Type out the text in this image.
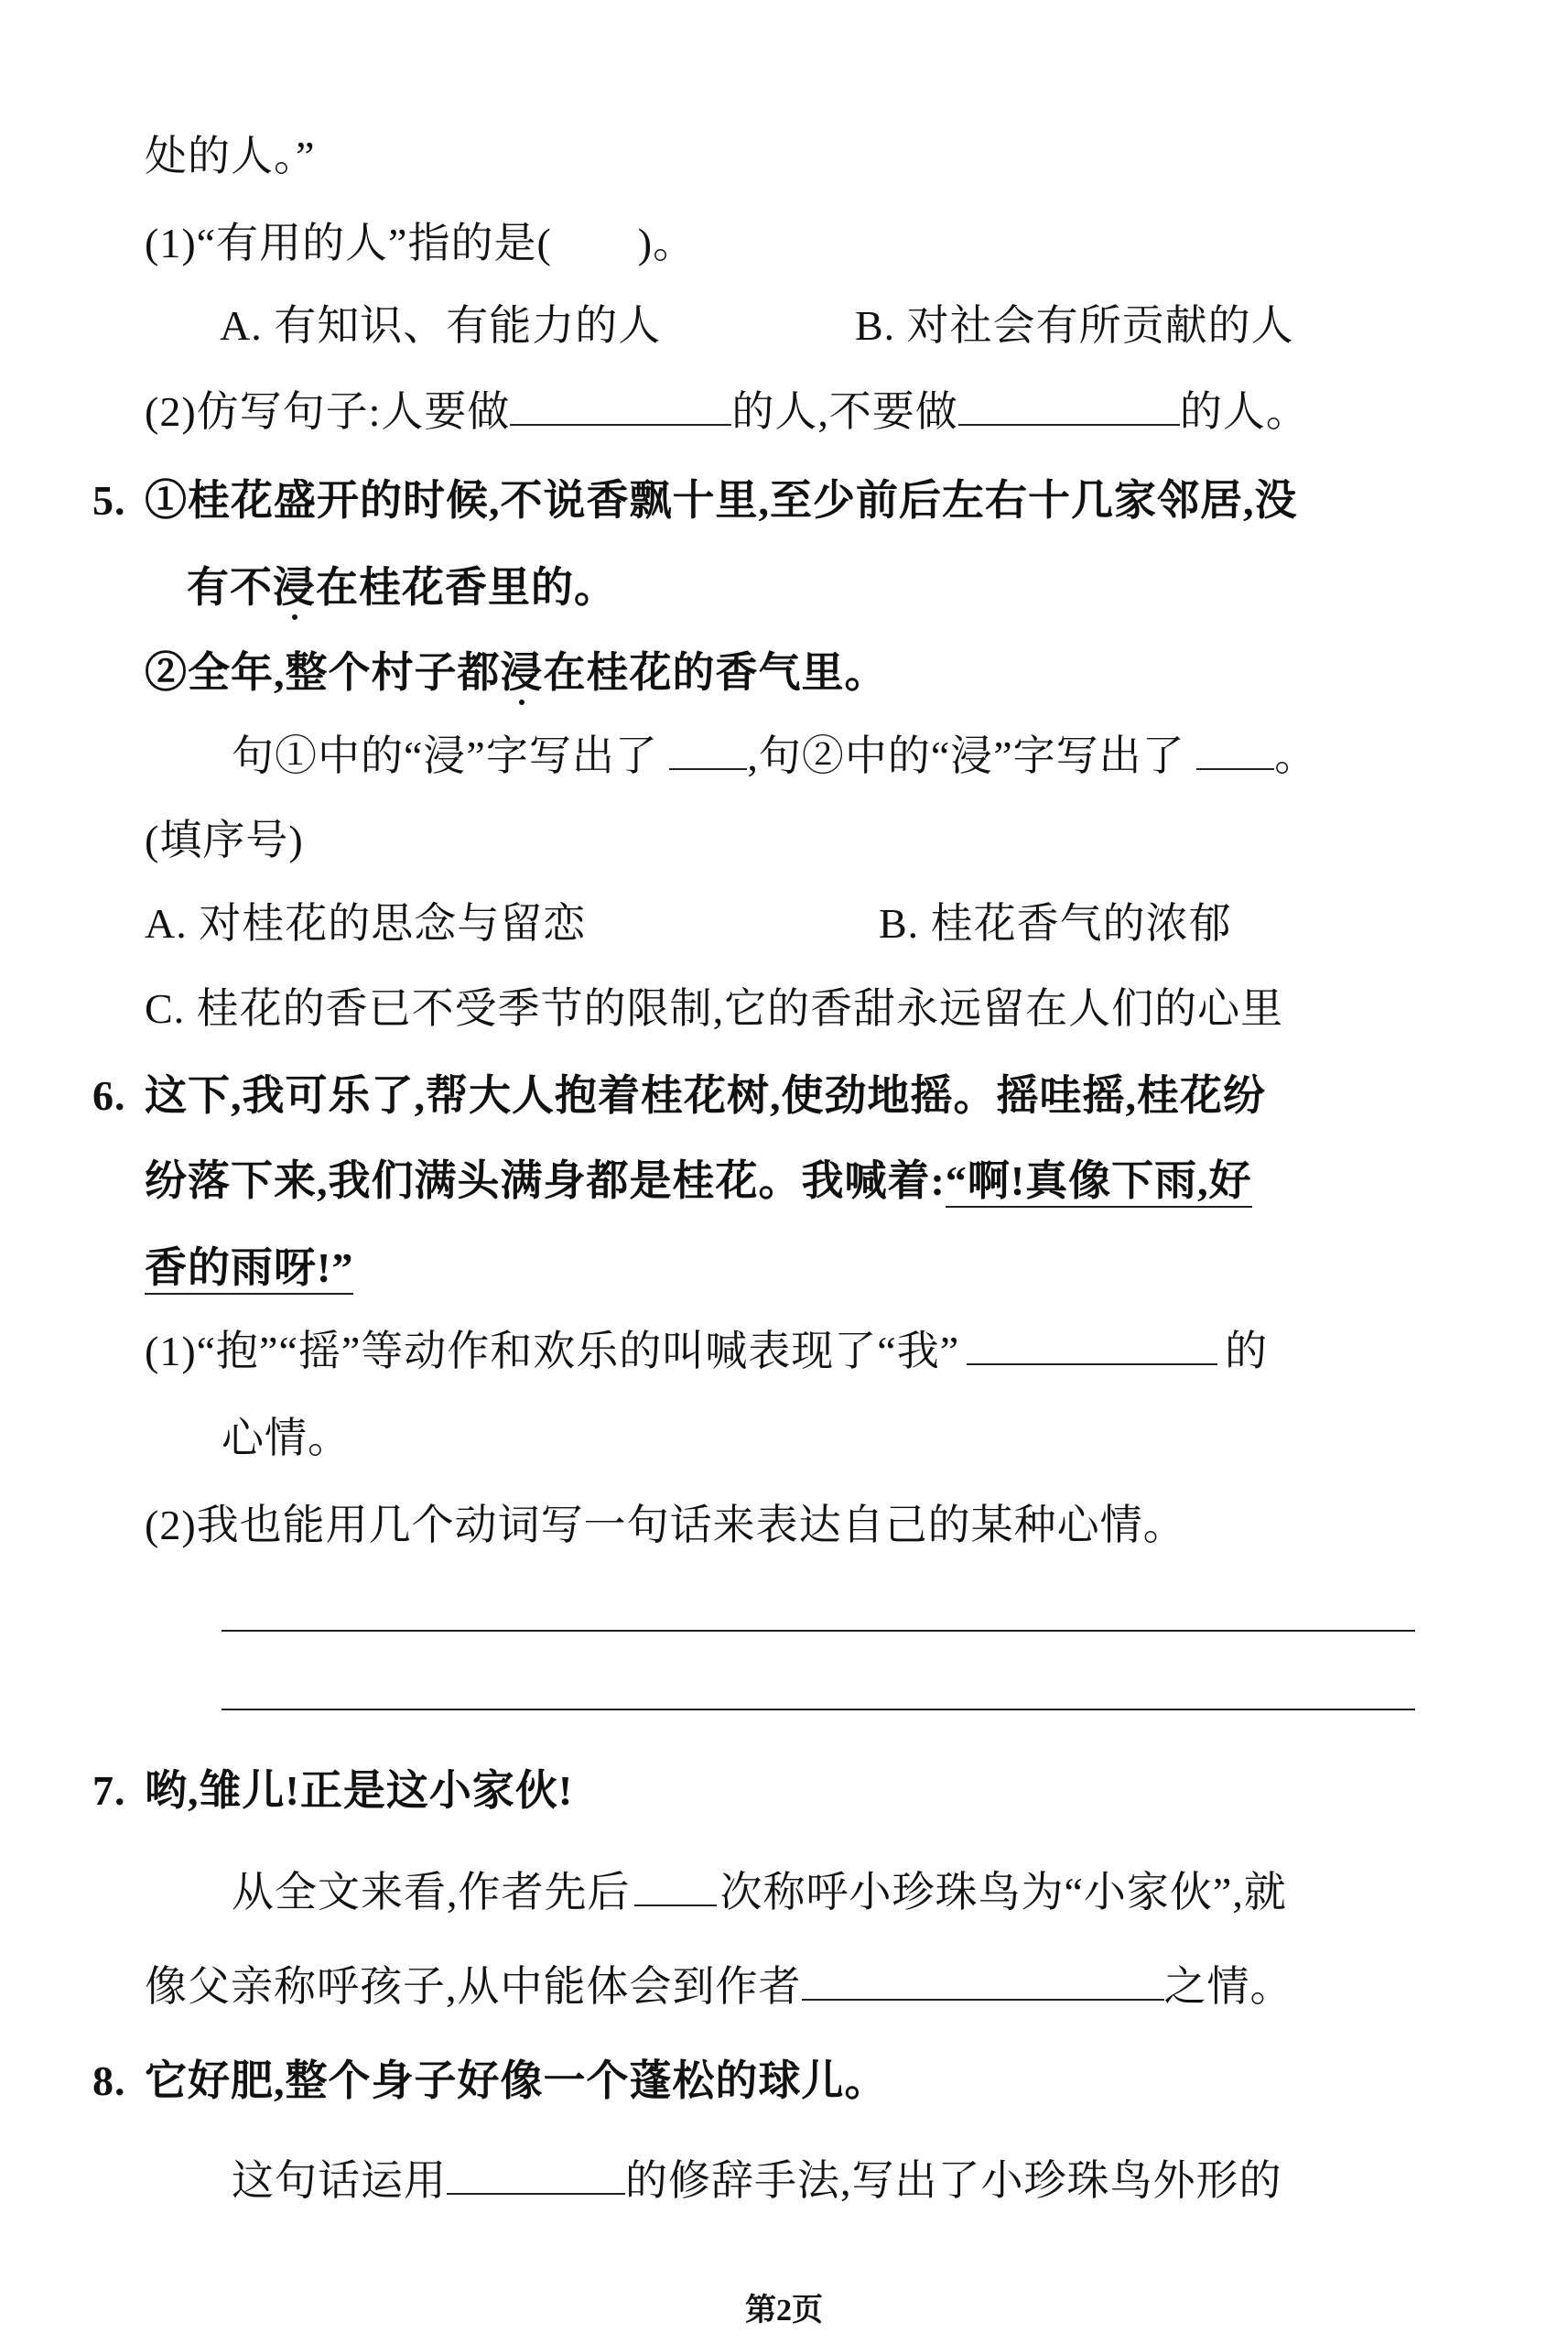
处的人。”
(1)“有用的人”指的是(　　)。
A. 有知识、有能力的人	B. 对社会有所贡献的人
(2)仿写句子:人要做	的人,不要做	的人。
5. ①桂花盛开的时候,不说香飘十里,至少前后左右十几家邻居,没
有不浸在桂花香里的。
②全年,整个村子都浸在桂花的香气里。
句①中的“浸”字写出了 ,句②中的“浸”字写出了 。
(填序号)
A. 对桂花的思念与留恋	B. 桂花香气的浓郁
C. 桂花的香已不受季节的限制,它的香甜永远留在人们的心里
6. 这下,我可乐了,帮大人抱着桂花树,使劲地摇。摇哇摇,桂花纷
纷落下来,我们满头满身都是桂花。我喊着:“啊!真像下雨,好
香的雨呀!”
(1)“抱”“摇”等动作和欢乐的叫喊表现了“我”	的
心情。
(2)我也能用几个动词写一句话来表达自己的某种心情。
7. 哟,雏儿!正是这小家伙!
从全文来看,作者先后 次称呼小珍珠鸟为“小家伙”,就
像父亲称呼孩子,从中能体会到作者	之情。
8. 它好肥,整个身子好像一个蓬松的球儿。
这句话运用	的修辞手法,写出了小珍珠鸟外形的
第2页
